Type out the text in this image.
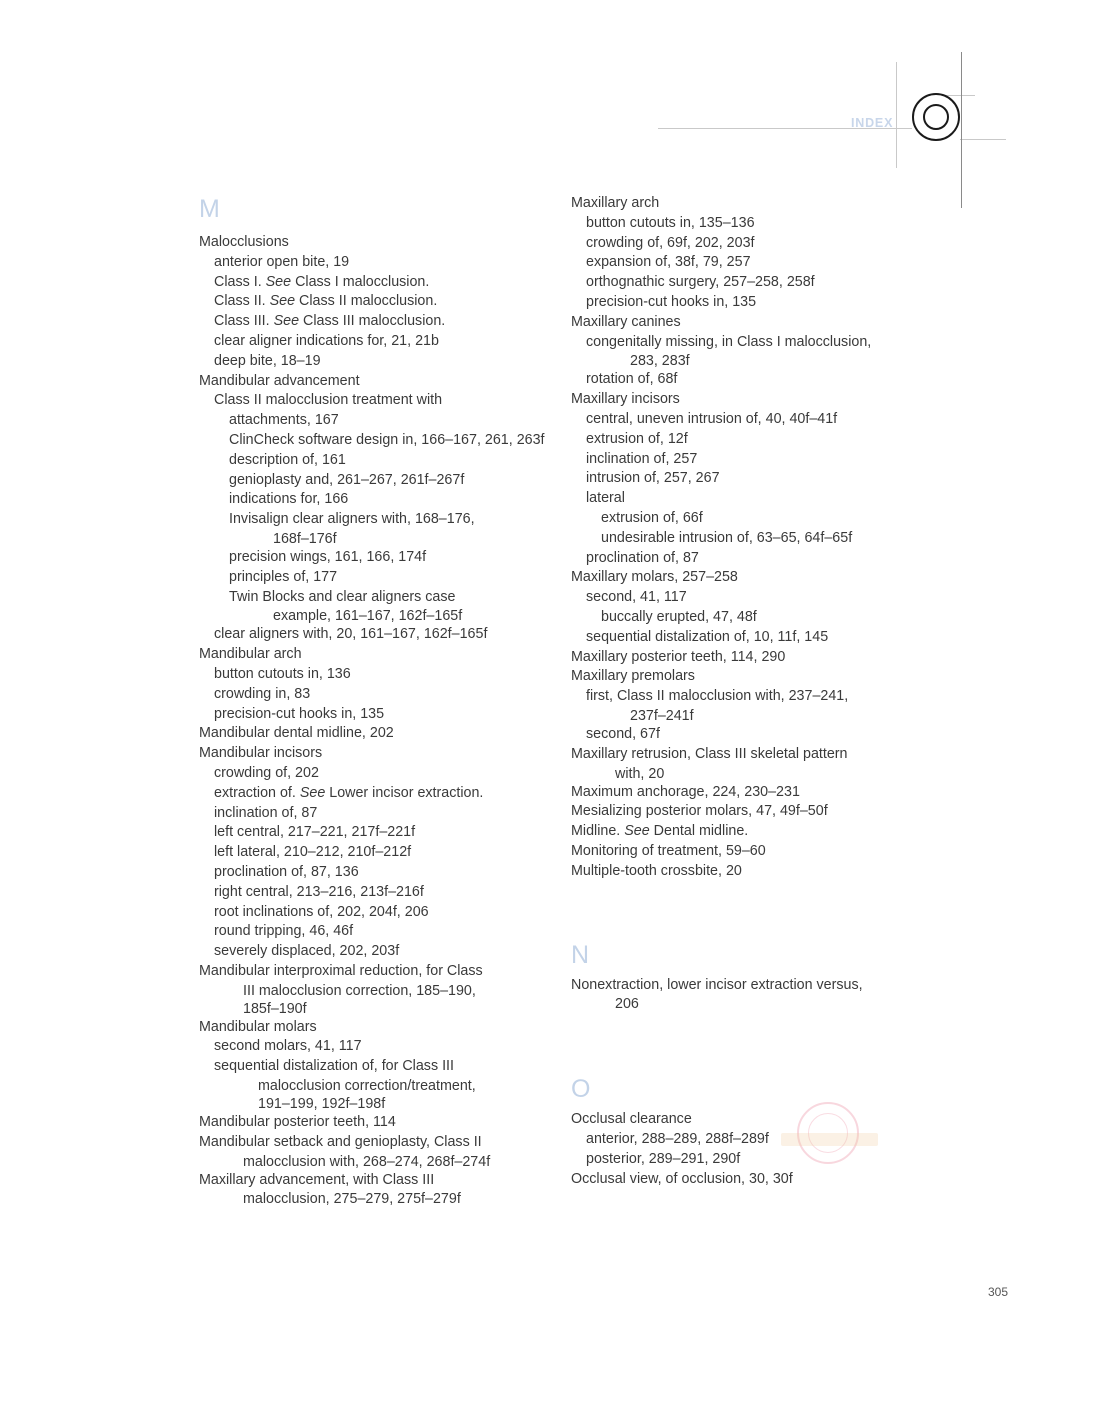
INDEX
M
Malocclusions
anterior open bite, 19
Class I. See Class I malocclusion.
Class II. See Class II malocclusion.
Class III. See Class III malocclusion.
clear aligner indications for, 21, 21b
deep bite, 18–19
Mandibular advancement
Class II malocclusion treatment with
attachments, 167
ClinCheck software design in, 166–167, 261, 263f
description of, 161
genioplasty and, 261–267, 261f–267f
indications for, 166
Invisalign clear aligners with, 168–176,
168f–176f
precision wings, 161, 166, 174f
principles of, 177
Twin Blocks and clear aligners case
example, 161–167, 162f–165f
clear aligners with, 20, 161–167, 162f–165f
Mandibular arch
button cutouts in, 136
crowding in, 83
precision-cut hooks in, 135
Mandibular dental midline, 202
Mandibular incisors
crowding of, 202
extraction of. See Lower incisor extraction.
inclination of, 87
left central, 217–221, 217f–221f
left lateral, 210–212, 210f–212f
proclination of, 87, 136
right central, 213–216, 213f–216f
root inclinations of, 202, 204f, 206
round tripping, 46, 46f
severely displaced, 202, 203f
Mandibular interproximal reduction, for Class
III malocclusion correction, 185–190,
185f–190f
Mandibular molars
second molars, 41, 117
sequential distalization of, for Class III
malocclusion correction/treatment,
191–199, 192f–198f
Mandibular posterior teeth, 114
Mandibular setback and genioplasty, Class II
malocclusion with, 268–274, 268f–274f
Maxillary advancement, with Class III
malocclusion, 275–279, 275f–279f
Maxillary arch
button cutouts in, 135–136
crowding of, 69f, 202, 203f
expansion of, 38f, 79, 257
orthognathic surgery, 257–258, 258f
precision-cut hooks in, 135
Maxillary canines
congenitally missing, in Class I malocclusion,
283, 283f
rotation of, 68f
Maxillary incisors
central, uneven intrusion of, 40, 40f–41f
extrusion of, 12f
inclination of, 257
intrusion of, 257, 267
lateral
extrusion of, 66f
undesirable intrusion of, 63–65, 64f–65f
proclination of, 87
Maxillary molars, 257–258
second, 41, 117
buccally erupted, 47, 48f
sequential distalization of, 10, 11f, 145
Maxillary posterior teeth, 114, 290
Maxillary premolars
first, Class II malocclusion with, 237–241,
237f–241f
second, 67f
Maxillary retrusion, Class III skeletal pattern
with, 20
Maximum anchorage, 224, 230–231
Mesializing posterior molars, 47, 49f–50f
Midline. See Dental midline.
Monitoring of treatment, 59–60
Multiple-tooth crossbite, 20
N
Nonextraction, lower incisor extraction versus,
206
O
Occlusal clearance
anterior, 288–289, 288f–289f
posterior, 289–291, 290f
Occlusal view, of occlusion, 30, 30f
305
